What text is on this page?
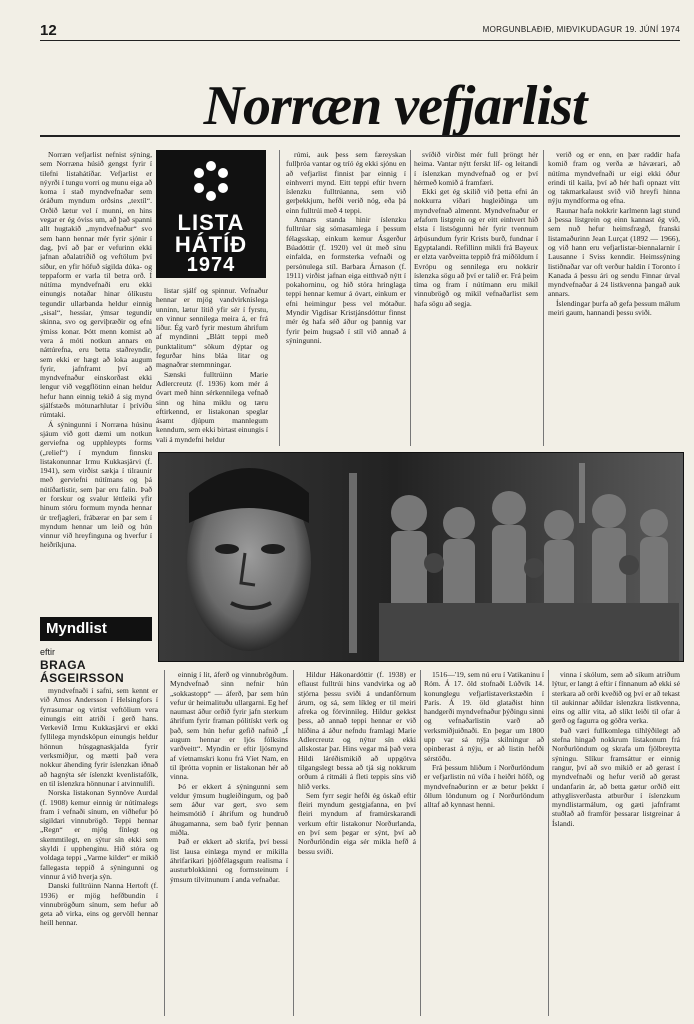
12	MORGUNBLAÐIÐ, MIÐVIKUDAGUR 19. JÚNÍ 1974
Norræn vefjarlist

Norræn vefjarlist nefnist sýning, sem Norræna húsið gengst fyrir í tilefni listahátíðar. Vefjarlist er nýyrði í tungu vorri og munu eiga að koma í stað myndvefnaðar sem óráðum myndum orðsins „textíl“. Orðið lætur vel í munni, en hins vegar er ég óviss um, að það spanni allt hugtakið „myndvefnaður“ svo sem hann hennar mér fyrir sjónir í dag, því að þar er vefurinn ekki jafnan aðalatriðið og veftölum því síður, en yfir höfuð sígilda dúka- og teppaform er varla til betra orð. Í nútíma myndvefnaði eru ekki einungis notaðar hinar ólíkustu tegundir ullarbanda heldur einnig „sisal“, hessíar, ýmsar tegundir skinna, svo og gerviþræðir og efni ýmiss konar. Þótt menn komist að vera á móti notkun annars en náttúrefna, eru betta staðreyndir, sem ekki er hægt að loka augum fyrir, jafnframt því að myndvefnaður einskorðast ekki lengur við veggflötinn einan heldur hefur hann einnig tekið á sig mynd sjálfstæðs mótunarhlutar í þrívíðu rúmtaki.

Á sýningunni í Norræna húsinu sjáum við gott dæmi um notkun gerviefna og upphleypts forms („relief“) í myndum finnsku listakonunnar Irmu Kukkasjärvi (f. 1941), sem virðist sækja í tilraunir með gerviefni nútímans og þá nútíðarlistir, sem þar eru falin. Það er forskur og svalur léttleiki yfir hinum stóru formum mynda hennar úr trefjagleri, frábærar en þar sem í myndum hennar um leið og hún vinnur við hreyfinguna og hverfur í heiðríkjuna.

LISTA
HÁTÍÐ
1974

listar sjálf og spinnur. Vefnaður hennar er mjög vandvirknislega unninn, lætur lítið yfir sér í fyrstu, en vinnur sennilega meira á, er frá líður. Ég varð fyrir mestum áhrifum af myndinni „Blátt teppi með punktalitum“ sökum dýptar og fegurðar hins bláa litar og magnaðrar stemmningar.

Sænski fulltrúinn Marie Adlercreutz (f. 1936) kom mér á óvart með hinn sérkennilega vefnað sinn og hina miklu og tæru eftirkennd, er listakonan speglar ásamt djúpum mannlegum kenndum, sem ekki birtast einungis í vali á myndefni heldur

rúmi, auk þess sem færeyskan fullþróa vantar og tríó ég ekki sjónu en að vefjarlist finnist þar einnig í einhverri mynd. Eitt teppi eftir hvern íslenzku fulltrúanna, sem við gerþekkjum, hefði verið nóg, eða þá einn fulltrúi með 4 teppi.

Annars standa hinir íslenzku fulltrúar sig sómasamlega í þessum félagsskap, einkum kemur Ásgerður Búadóttir (f. 1920) vel út með sínu einfalda, en formsterka vefnaði og persónulega stíl. Barbara Árnason (f. 1911) virðist jafnan eiga eitthvað nýtt í pokahorninu, og hið stóra hringlaga teppi hennar kemur á óvart, einkum er efni heimingur þess vel mótaður. Myndir Vigdísar Kristjánsdóttur finnst mér ég hafa séð áður og þannig var fyrir þeim hugsað í stíl við annað á sýningunni.

svíðið virðist mér full þröngt hér heima. Vantar nýtt ferskt líf- og leitandi í íslenzkan myndvefnað og er því hérmeð komið á framfæri.

Ekki get ég skilið við þetta efni án nokkurra víðari hugleiðinga um myndvefnað almennt. Myndvefnaður er æfaforn listgrein og er eitt einhvert hið elsta í listsögunni hér fyrir tvennum árþúsundum fyrir Krists burð, fundnar í Egyptalandi. Refillinn mikli frá Bayeux er elzta varðveitta teppið frá miðöldum í Evrópu og sennilega eru nokkrir íslenzka sögu að því er talið er. Frá þeim tíma og fram í nútímann eru mikil vinnubrögð og mikil vefnaðarlist sem hafa sögu að segja.

verið og er enn, en þær raddir hafa komið fram og verða æ háværari, að nútíma myndvefnaði ur eigi ekki óður erindi til kaila, því að hér hafi opnazt vítt og takmarkalaust svið við hreyfi hinna nýju myndforma og efna.

Raunar hafa nokkrir karlmenn lagt stund á þessa listgrein og einn kannast ég við, sem nuð hefur heimsfrægð, franski listamaðurinn Jean Lurçat (1892 — 1966), og við hann eru vefjarlistar-biennalarnir í Lausanne í Sviss kenndir. Heimssýning listiðnaðar var oft verður haldin í Toronto í Kanada á þessu ári og sendu Finnar úrval myndvefnaðar á 24 listkvenna þangað auk annars.

Íslendingar þurfa að gefa þessum málum meiri gaum, hannandi þessu sviði.

Myndlist
eftir
BRAGA
ÁSGEIRSSON

myndvefnaði í safni, sem kennt er við Amos Andersson í Helsingfors í fyrrasumar og virtist veftölium vera einungis eitt atriði í gerð hans. Verkevið Irmu Kukkasjärvi er ekki fyllilega myndsköpun einungis heldur hönnun húsgagnaskjalda fyrir verksmiðjur, og mætti það vera nokkur áhending fyrir íslenzkan iðnað að hagnýta sér íslenzkt kvenlistafólk, en til íslenzkra hönnunar í atvinnulífi.

Norska listakonan Synnöve Aurdal (f. 1908) kemur einnig úr nútímalegs fram í vefnaði sínum, en viðhefur þó sígildari vinnubrögð. Teppi hennar „Regn“ er mjög fínlegt og skemmtilegt, en sýtur sín ekki sem skyldi í upphenginu. Hið stóra og voldaga teppi „Varme kilder“ er mikið fallegasta teppið á sýningunni og vinnur á við hverja sýn.

Danski fulltrúinn Nanna Hertoft (f. 1936) er mjög hefðbundin í vinnubrögðum sínum, sem hefur að geta að virka, eins og gervöll hennar heill hennar.

einnig í lit, áferð og vinnubrögðum. Myndvefnað sinn nefnir hún „sokkastopp“ — áferð, þar sem hún vefur úr heimalituðu ullargarni. Eg hef naumast áður orðið fyrir jafn sterkum áhrifum fyrir framan pólitískt verk og það, sem hún hefur gefið nafnið „Í augum hennar er ljós fólksins varðveitt“. Myndin er eftir ljósmynd af víetnamskri konu frá Víet Nam, en til íþrótta vopnin er listakonan hér að vinna.

Þó er ekkert á sýningunni sem veldur ýmsum hugleiðingum, og það sem áður var gert, svo sem heimsmótið í áhrifum og hundruð áhugamanna, sem bað fyrir þennan miðla.

Það er ekkert að skrifa, því bessi list lausa einlæga mynd er mikilla áhrifarikari þjóðfélagsgum realisma í austurblokkinni og formsteinum í ýmsum tilvitnunum í anda vefnaðar.

Hildur Hákonardóttir (f. 1938) er eflaust fulltrúi hins vandvirka og að stjórna þessu sviði á undanförnum árum, og sá, sem líkleg er til meiri afreka og fórvinnileg. Hildur gekkst þess, að annað teppi hennar er við hlíðina á áður nefndu framlagi Marie Adlercreutz og nýtur sín ekki allskostar þar. Hins vegar má það vera Hildi láréðismikið að uppgötva tilgangslegt bessa að tjá sig nokkrum orðum á rítmáli á fleti teppis síns við hlið verks.

Sem fyrr segir hefði ég óskað eftir fleiri myndum gestgjafanna, en því fleiri myndum af framúrskarandi verkum eftir listakonur Norðurlanda, en því sem þegar er sýnt, því að Norðurlöndin eiga sér mikla hefð á bessu sviði.

1516—'19, sem nú eru í Vatikaninu í Róm. Á 17. öld stofnaði Lúðvík 14. konunglegu vefjarlistaverkstæðin í París. Á 19. öld glataðist hinn handgerði myndvefnaður þýðingu sinni og vefnaðarlistin varð að verksmiðjuiðnaði. En þegar um 1800 upp var sá nýja skilningur að opinberast á nýju, er að listin hefði sérstöðu.

Frá þessum hliðum í Norðurlöndum er vefjarlistin nú víða í heiðri höfð, og myndvefnaðurinn er æ betur þekkt í öllum löndunum og í Norðurlöndum alltaf að kynnast henni.

vinna í skólum, sem að síkum atriðum lýtur, er langt á eftir í fínnanum að ekki sé sterkara að orði kveðið og því er að tekast til aukinnar aðildar íslenzkra listkvenna, eins og allir vita, að slíkt leiði til ofar á gerð og fagurra og góðra verka.

Það væri fullkomlega tilhlýðilegt að stefna hingað nokkrum listakonum frá Norðurlöndum og skrafa um fjölbreytta sýningu. Slíkur framsáttur er einnig rangur, því að svo mikið er að gerast í myndvefnaði og hefur verið að gerast undanfarin ár, að betta gætur orðið eitt athyglisverðasta atburður í íslenzkum myndlistarmálum, og gæti jafnframt stuðlað að framför þessarar listgreinar á Íslandi.
